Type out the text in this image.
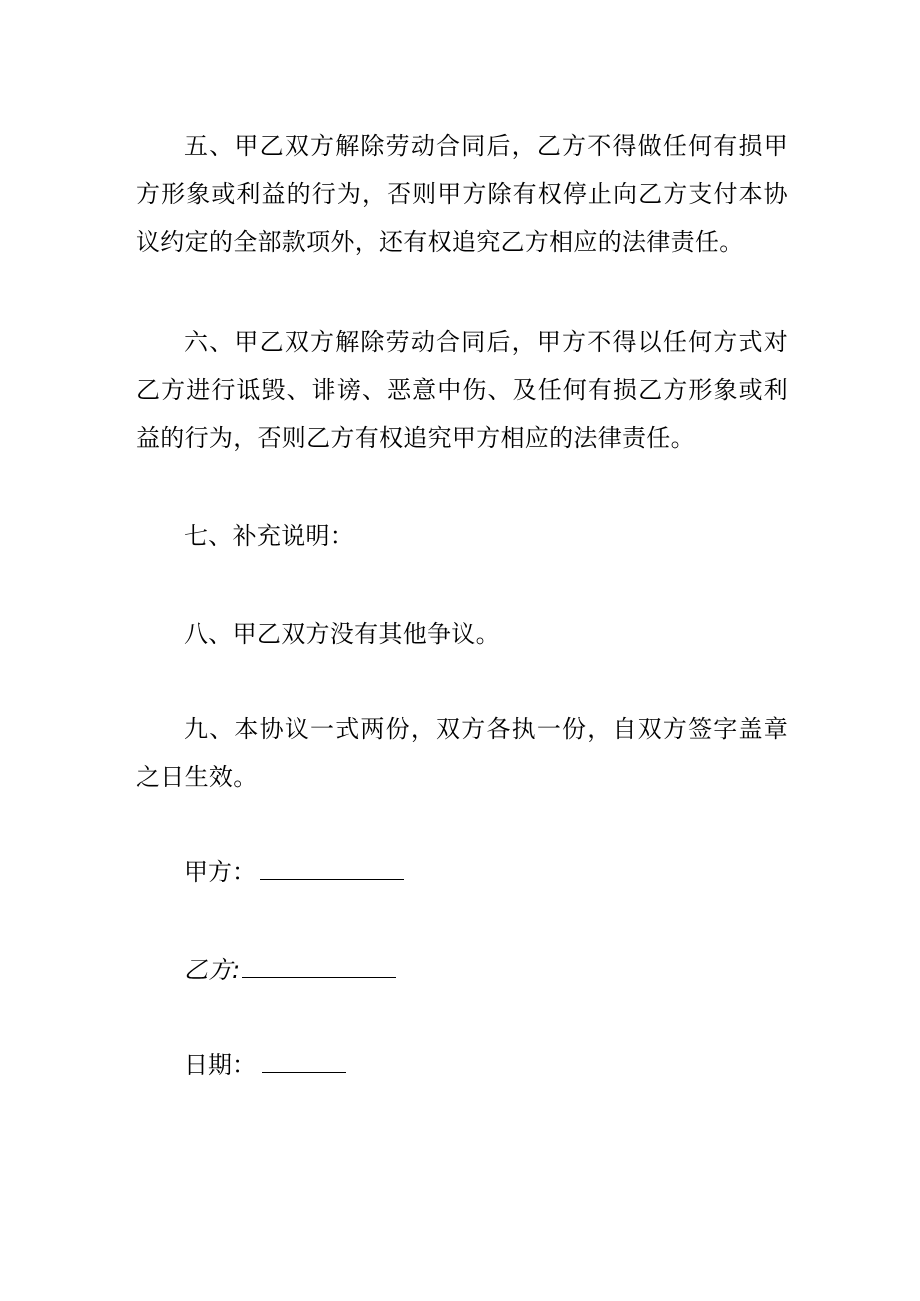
五、甲乙双方解除劳动合同后，乙方不得做任何有损甲方形象或利益的行为，否则甲方除有权停止向乙方支付本协议约定的全部款项外，还有权追究乙方相应的法律责任。

六、甲乙双方解除劳动合同后，甲方不得以任何方式对乙方进行诋毁、诽谤、恶意中伤、及任何有损乙方形象或利益的行为，否则乙方有权追究甲方相应的法律责任。

七、补充说明：

八、甲乙双方没有其他争议。

九、本协议一式两份，双方各执一份，自双方签字盖章之日生效。

甲方：
乙方:
日期：
